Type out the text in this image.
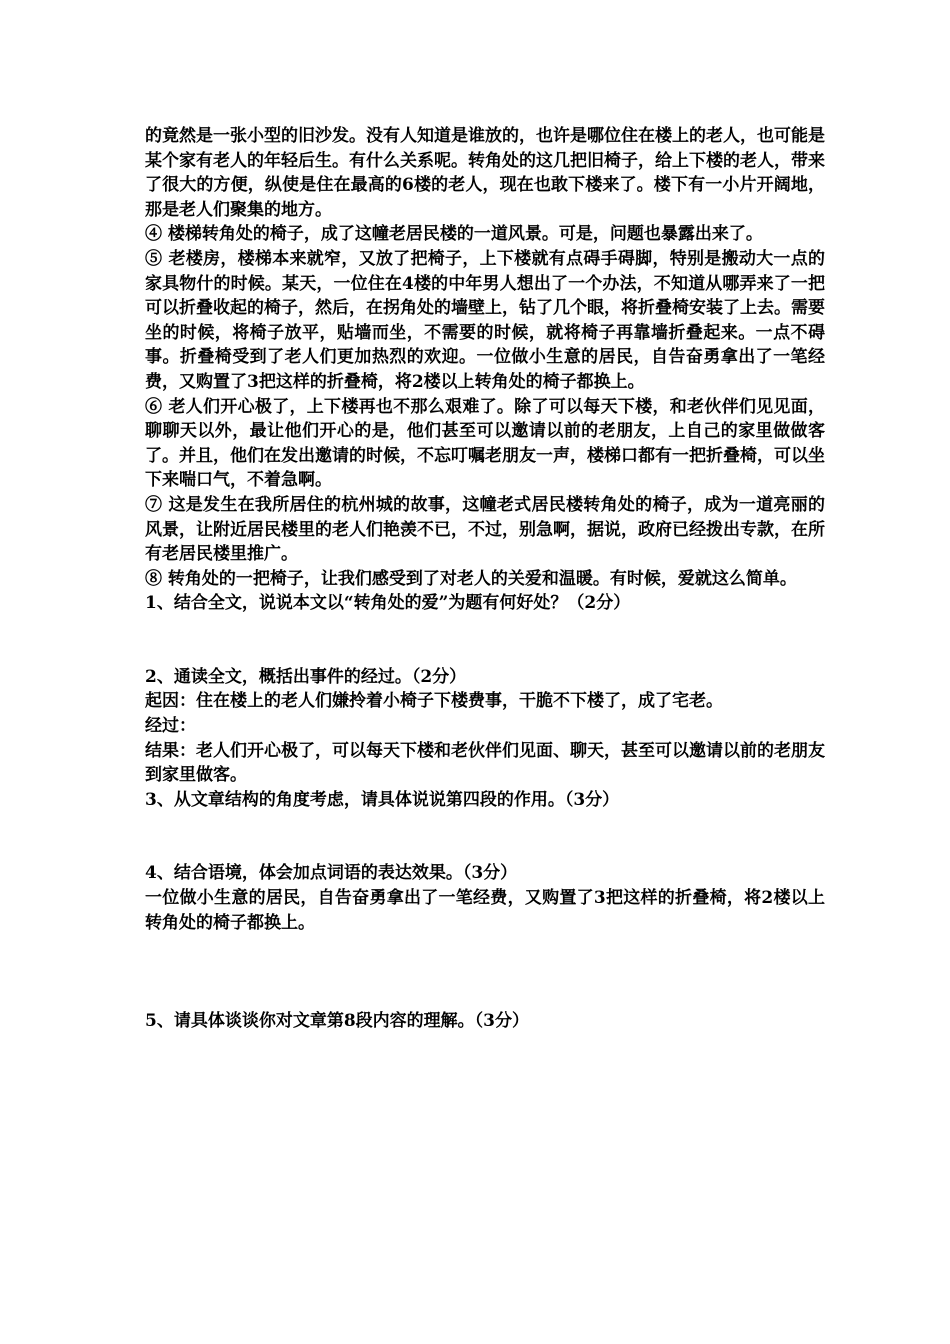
的竟然是一张小型的旧沙发。没有人知道是谁放的，也许是哪位住在楼上的老人，也可能是某个家有老人的年轻后生。有什么关系呢。转角处的这几把旧椅子，给上下楼的老人，带来了很大的方便，纵使是住在最高的6楼的老人，现在也敢下楼来了。楼下有一小片开阔地，那是老人们聚集的地方。

④ 楼梯转角处的椅子，成了这幢老居民楼的一道风景。可是，问题也暴露出来了。

⑤ 老楼房，楼梯本来就窄，又放了把椅子，上下楼就有点碍手碍脚，特别是搬动大一点的家具物什的时候。某天，一位住在4楼的中年男人想出了一个办法，不知道从哪弄来了一把可以折叠收起的椅子，然后，在拐角处的墙壁上，钻了几个眼，将折叠椅安装了上去。需要坐的时候，将椅子放平，贴墙而坐，不需要的时候，就将椅子再靠墙折叠起来。一点不碍事。折叠椅受到了老人们更加热烈的欢迎。一位做小生意的居民，自告奋勇拿出了一笔经费，又购置了3把这样的折叠椅，将2楼以上转角处的椅子都换上。

⑥ 老人们开心极了，上下楼再也不那么艰难了。除了可以每天下楼，和老伙伴们见见面，聊聊天以外，最让他们开心的是，他们甚至可以邀请以前的老朋友，上自己的家里做做客了。并且，他们在发出邀请的时候，不忘叮嘱老朋友一声，楼梯口都有一把折叠椅，可以坐下来喘口气，不着急啊。

⑦ 这是发生在我所居住的杭州城的故事，这幢老式居民楼转角处的椅子，成为一道亮丽的风景，让附近居民楼里的老人们艳羡不已，不过，别急啊，据说，政府已经拨出专款，在所有老居民楼里推广。

⑧ 转角处的一把椅子，让我们感受到了对老人的关爱和温暖。有时候，爱就这么简单。

1、结合全文，说说本文以“转角处的爱”为题有何好处？（2分）

2、通读全文，概括出事件的经过。（2分）

起因：住在楼上的老人们嫌拎着小椅子下楼费事，干脆不下楼了，成了宅老。

经过：

结果：老人们开心极了，可以每天下楼和老伙伴们见面、聊天，甚至可以邀请以前的老朋友到家里做客。

3、从文章结构的角度考虑，请具体说说第四段的作用。（3分）

4、结合语境，体会加点词语的表达效果。（3分）

一位做小生意的居民，自告奋勇拿出了一笔经费，又购置了3把这样的折叠椅，将2楼以上转角处的椅子都换上。

5、请具体谈谈你对文章第8段内容的理解。（3分）
